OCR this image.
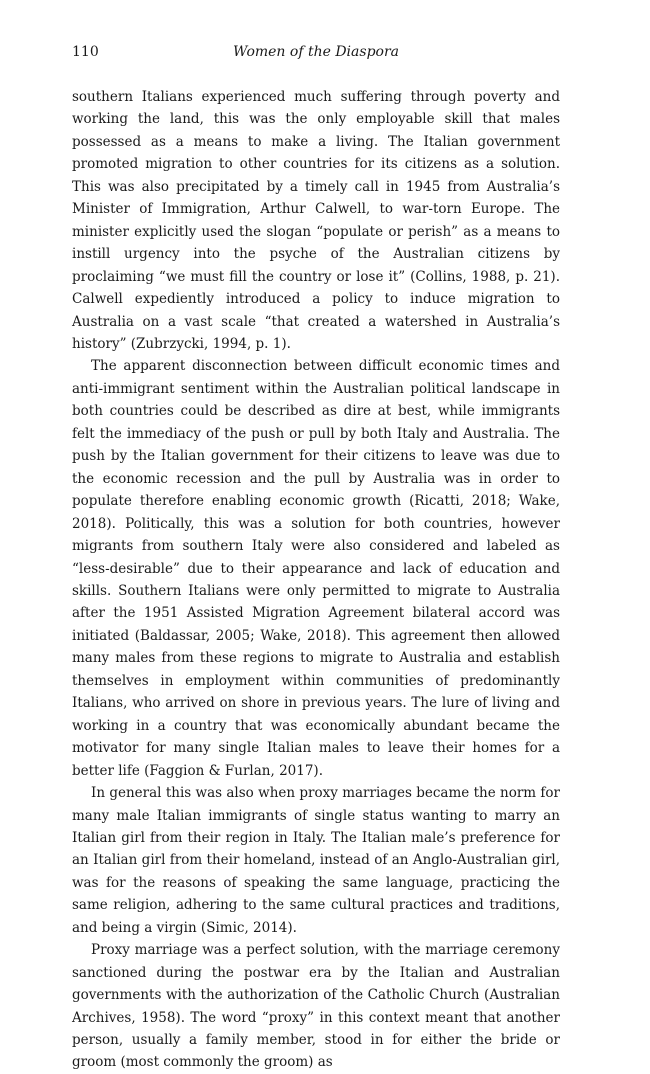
110	Women of the Diaspora

southern Italians experienced much suffering through poverty and working the land, this was the only employable skill that males possessed as a means to make a living. The Italian government promoted migration to other countries for its citizens as a solution. This was also precipitated by a timely call in 1945 from Australia’s Minister of Immigration, Arthur Calwell, to war-torn Europe. The minister explicitly used the slogan “populate or perish” as a means to instill urgency into the psyche of the Australian citizens by proclaiming “we must fill the country or lose it” (Collins, 1988, p. 21). Calwell expediently introduced a policy to induce migration to Australia on a vast scale “that created a watershed in Australia’s history” (Zubrzycki, 1994, p. 1).

The apparent disconnection between difficult economic times and anti-immigrant sentiment within the Australian political landscape in both countries could be described as dire at best, while immigrants felt the immediacy of the push or pull by both Italy and Australia. The push by the Italian government for their citizens to leave was due to the economic recession and the pull by Australia was in order to populate therefore enabling economic growth (Ricatti, 2018; Wake, 2018). Politically, this was a solution for both countries, however migrants from southern Italy were also considered and labeled as “less-desirable” due to their appearance and lack of education and skills. Southern Italians were only permitted to migrate to Australia after the 1951 Assisted Migration Agreement bilateral accord was initiated (Baldassar, 2005; Wake, 2018). This agreement then allowed many males from these regions to migrate to Australia and establish themselves in employment within communities of predominantly Italians, who arrived on shore in previous years. The lure of living and working in a country that was economically abundant became the motivator for many single Italian males to leave their homes for a better life (Faggion & Furlan, 2017).

In general this was also when proxy marriages became the norm for many male Italian immigrants of single status wanting to marry an Italian girl from their region in Italy. The Italian male’s preference for an Italian girl from their homeland, instead of an Anglo-Australian girl, was for the reasons of speaking the same language, practicing the same religion, adhering to the same cultural practices and traditions, and being a virgin (Simic, 2014).

Proxy marriage was a perfect solution, with the marriage ceremony sanctioned during the postwar era by the Italian and Australian governments with the authorization of the Catholic Church (Australian Archives, 1958). The word “proxy” in this context meant that another person, usually a family member, stood in for either the bride or groom (most commonly the groom) as
